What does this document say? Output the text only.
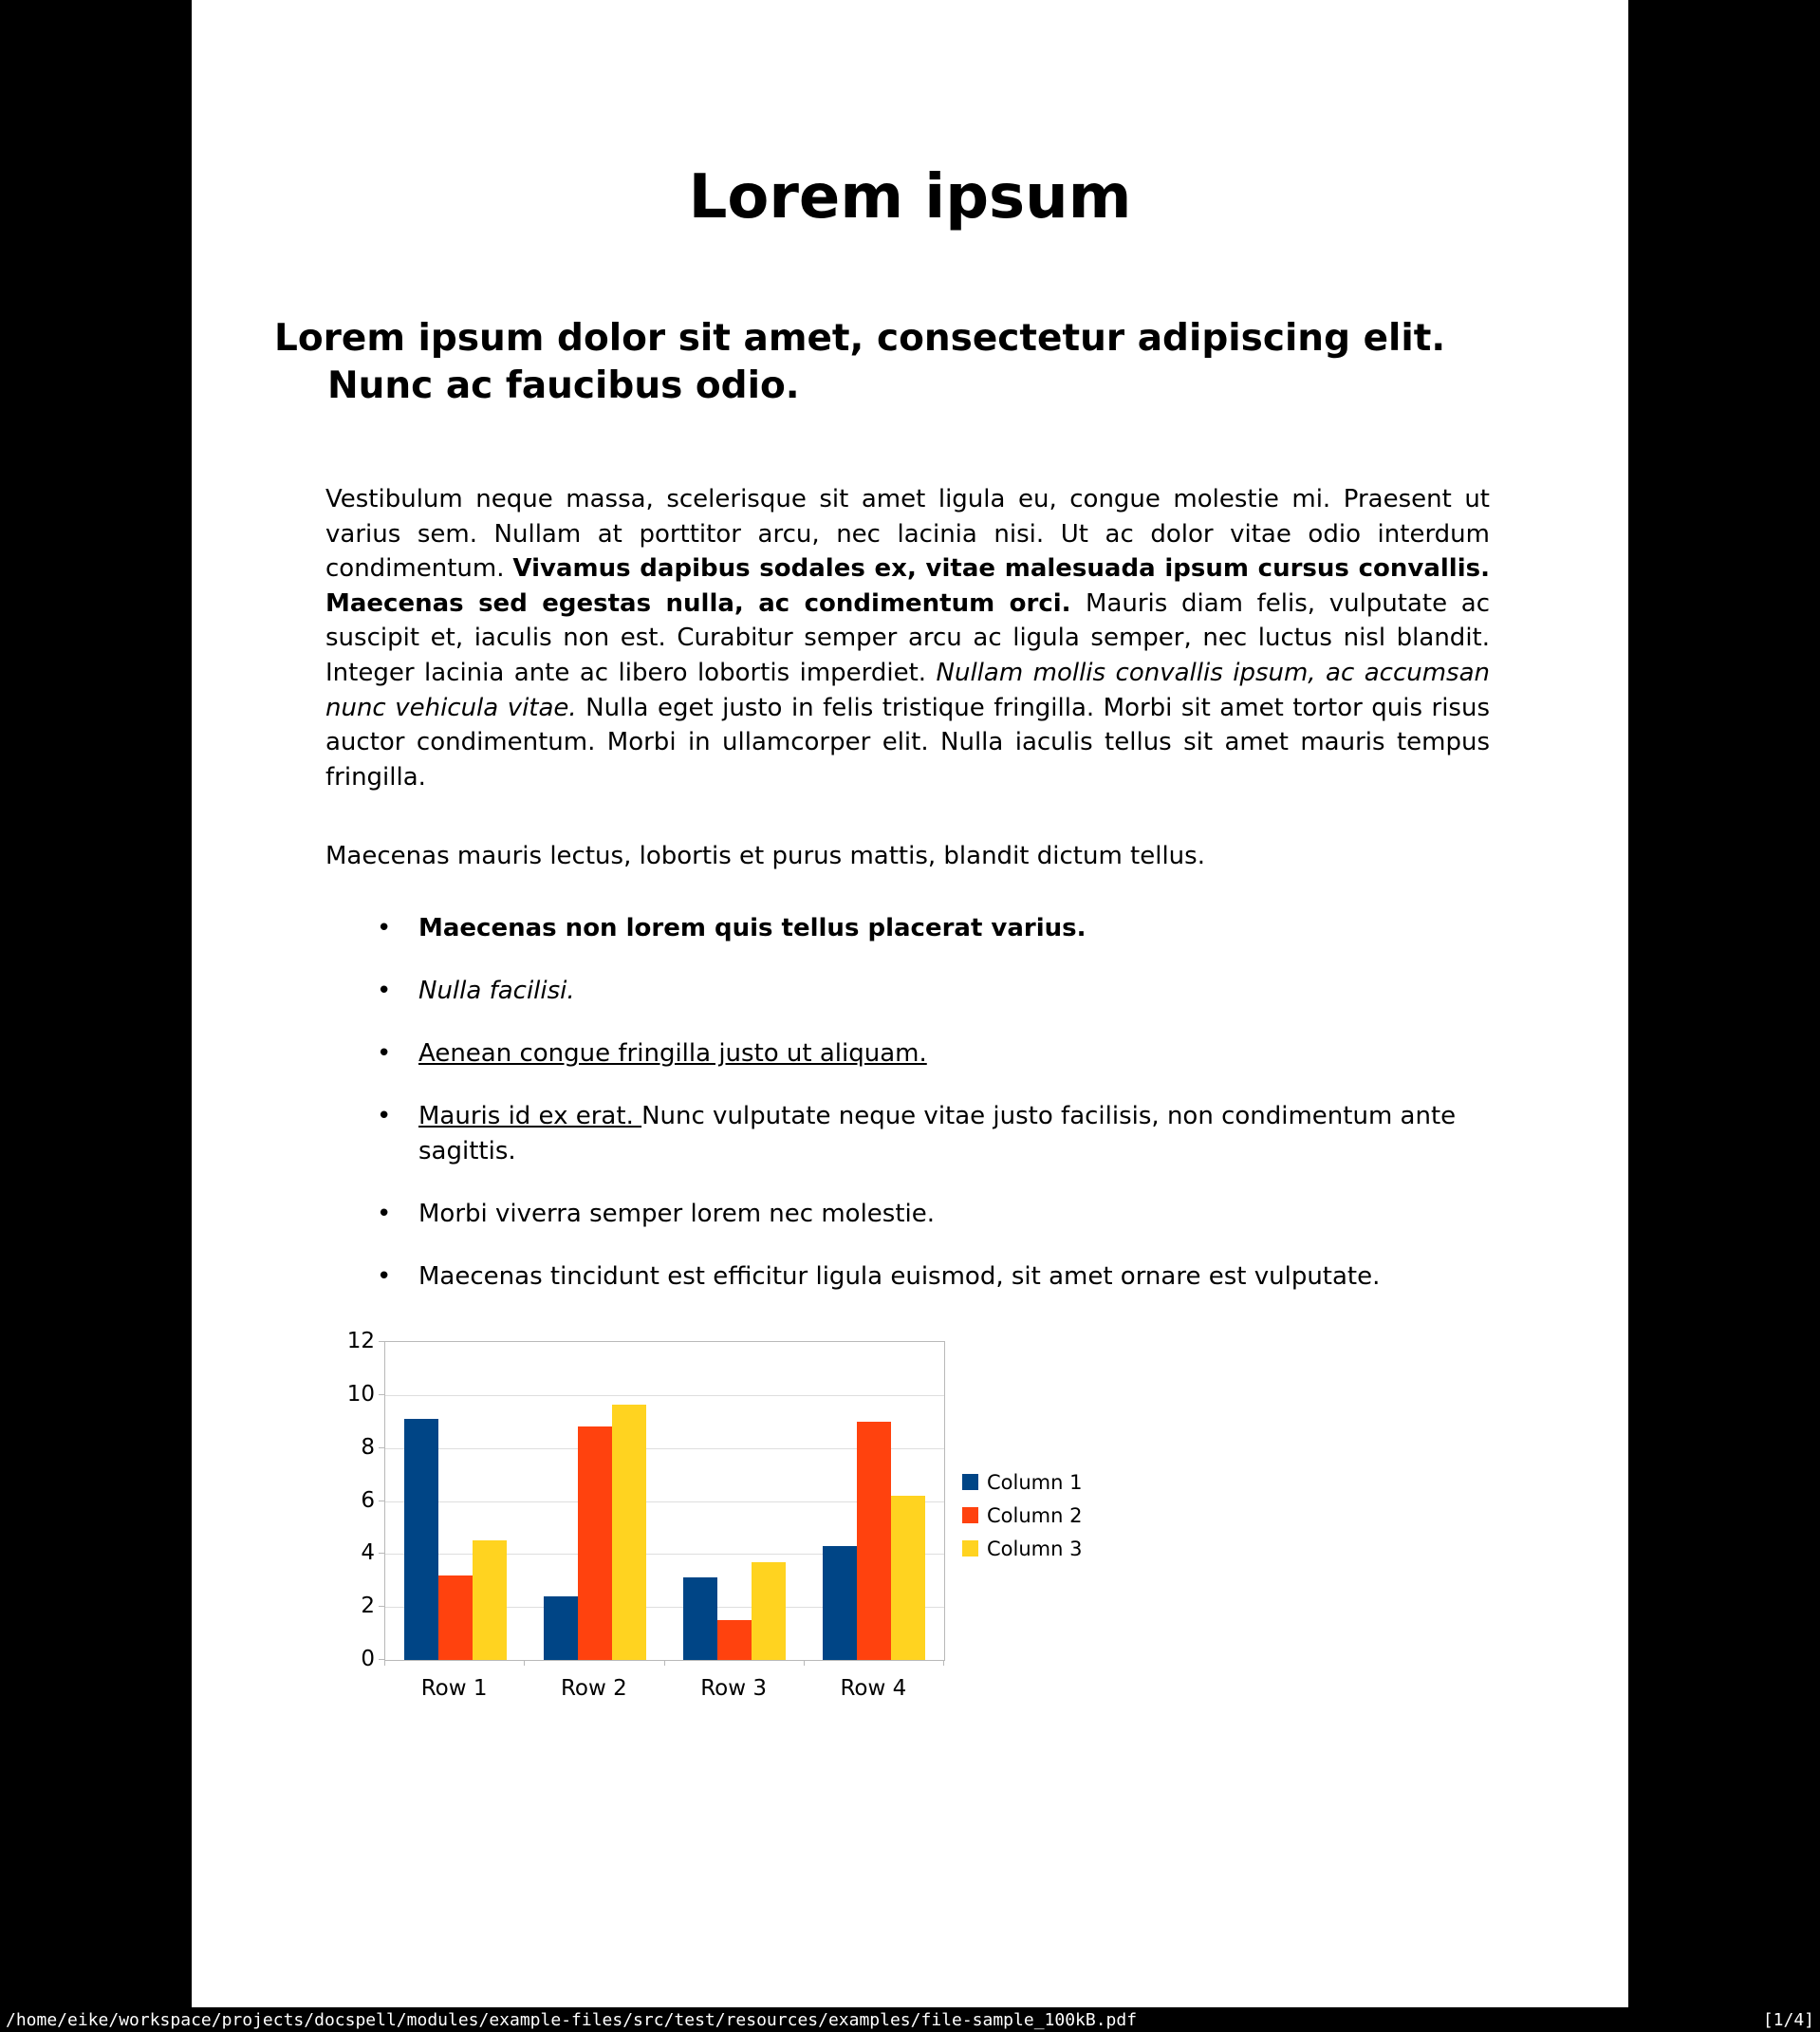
Lorem ipsum
Lorem ipsum dolor sit amet, consectetur adipiscing elit. Nunc ac faucibus odio.
Vestibulum neque massa, scelerisque sit amet ligula eu, congue molestie mi. Praesent ut varius sem. Nullam at porttitor arcu, nec lacinia nisi. Ut ac dolor vitae odio interdum condimentum. Vivamus dapibus sodales ex, vitae malesuada ipsum cursus convallis. Maecenas sed egestas nulla, ac condimentum orci. Mauris diam felis, vulputate ac suscipit et, iaculis non est. Curabitur semper arcu ac ligula semper, nec luctus nisl blandit. Integer lacinia ante ac libero lobortis imperdiet. Nullam mollis convallis ipsum, ac accumsan nunc vehicula vitae. Nulla eget justo in felis tristique fringilla. Morbi sit amet tortor quis risus auctor condimentum. Morbi in ullamcorper elit. Nulla iaculis tellus sit amet mauris tempus fringilla.
Maecenas mauris lectus, lobortis et purus mattis, blandit dictum tellus.
• Maecenas non lorem quis tellus placerat varius.
• Nulla facilisi.
• Aenean congue fringilla justo ut aliquam.
• Mauris id ex erat. Nunc vulputate neque vitae justo facilisis, non condimentum ante sagittis.
• Morbi viverra semper lorem nec molestie.
• Maecenas tincidunt est efficitur ligula euismod, sit amet ornare est vulputate.
0
2
4
6
8
10
12
Row 1	Row 2	Row 3	Row 4
Column 1
Column 2
Column 3
/home/eike/workspace/projects/docspell/modules/example-files/src/test/resources/examples/file-sample_100kB.pdf	[1/4]
